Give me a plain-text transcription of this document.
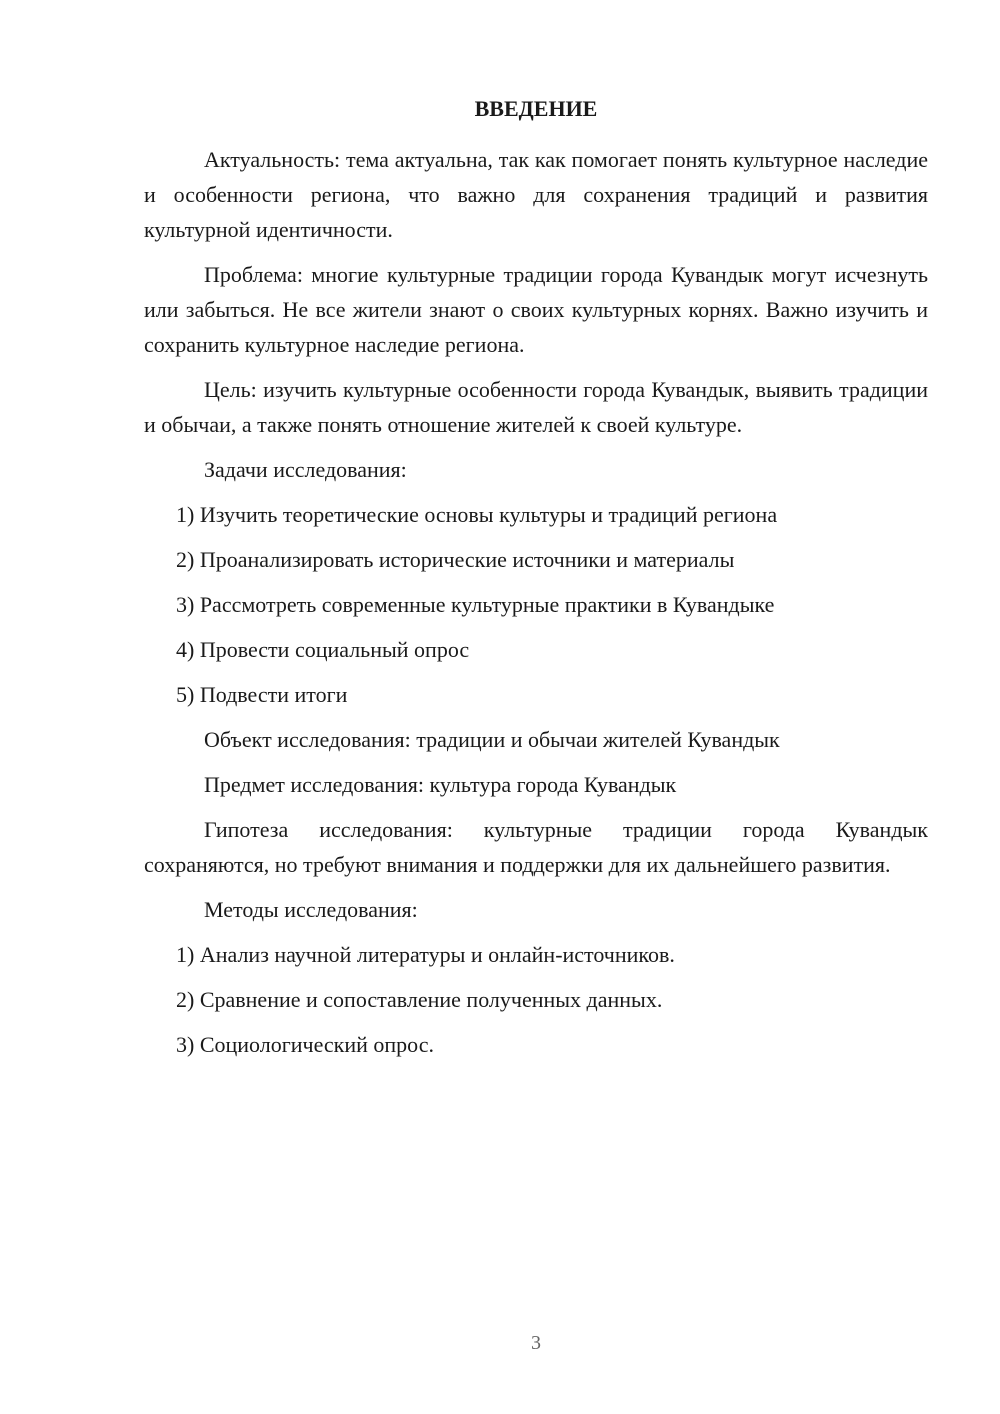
ВВЕДЕНИЕ

Актуальность: тема актуальна, так как помогает понять культурное наследие и особенности региона, что важно для сохранения традиций и развития культурной идентичности.

Проблема: многие культурные традиции города Кувандык могут исчезнуть или забыться. Не все жители знают о своих культурных корнях. Важно изучить и сохранить культурное наследие региона.

Цель: изучить культурные особенности города Кувандык, выявить традиции и обычаи, а также понять отношение жителей к своей культуре.

Задачи исследования:

1) Изучить теоретические основы культуры и традиций региона

2) Проанализировать исторические источники и материалы

3) Рассмотреть современные культурные практики в Кувандыке

4) Провести социальный опрос

5) Подвести итоги

Объект исследования: традиции и обычаи жителей Кувандык

Предмет исследования: культура города Кувандык

Гипотеза исследования: культурные традиции города Кувандык сохраняются, но требуют внимания и поддержки для их дальнейшего развития.

Методы исследования:

1) Анализ научной литературы и онлайн-источников.

2) Сравнение и сопоставление полученных данных.

3) Социологический опрос.

3
